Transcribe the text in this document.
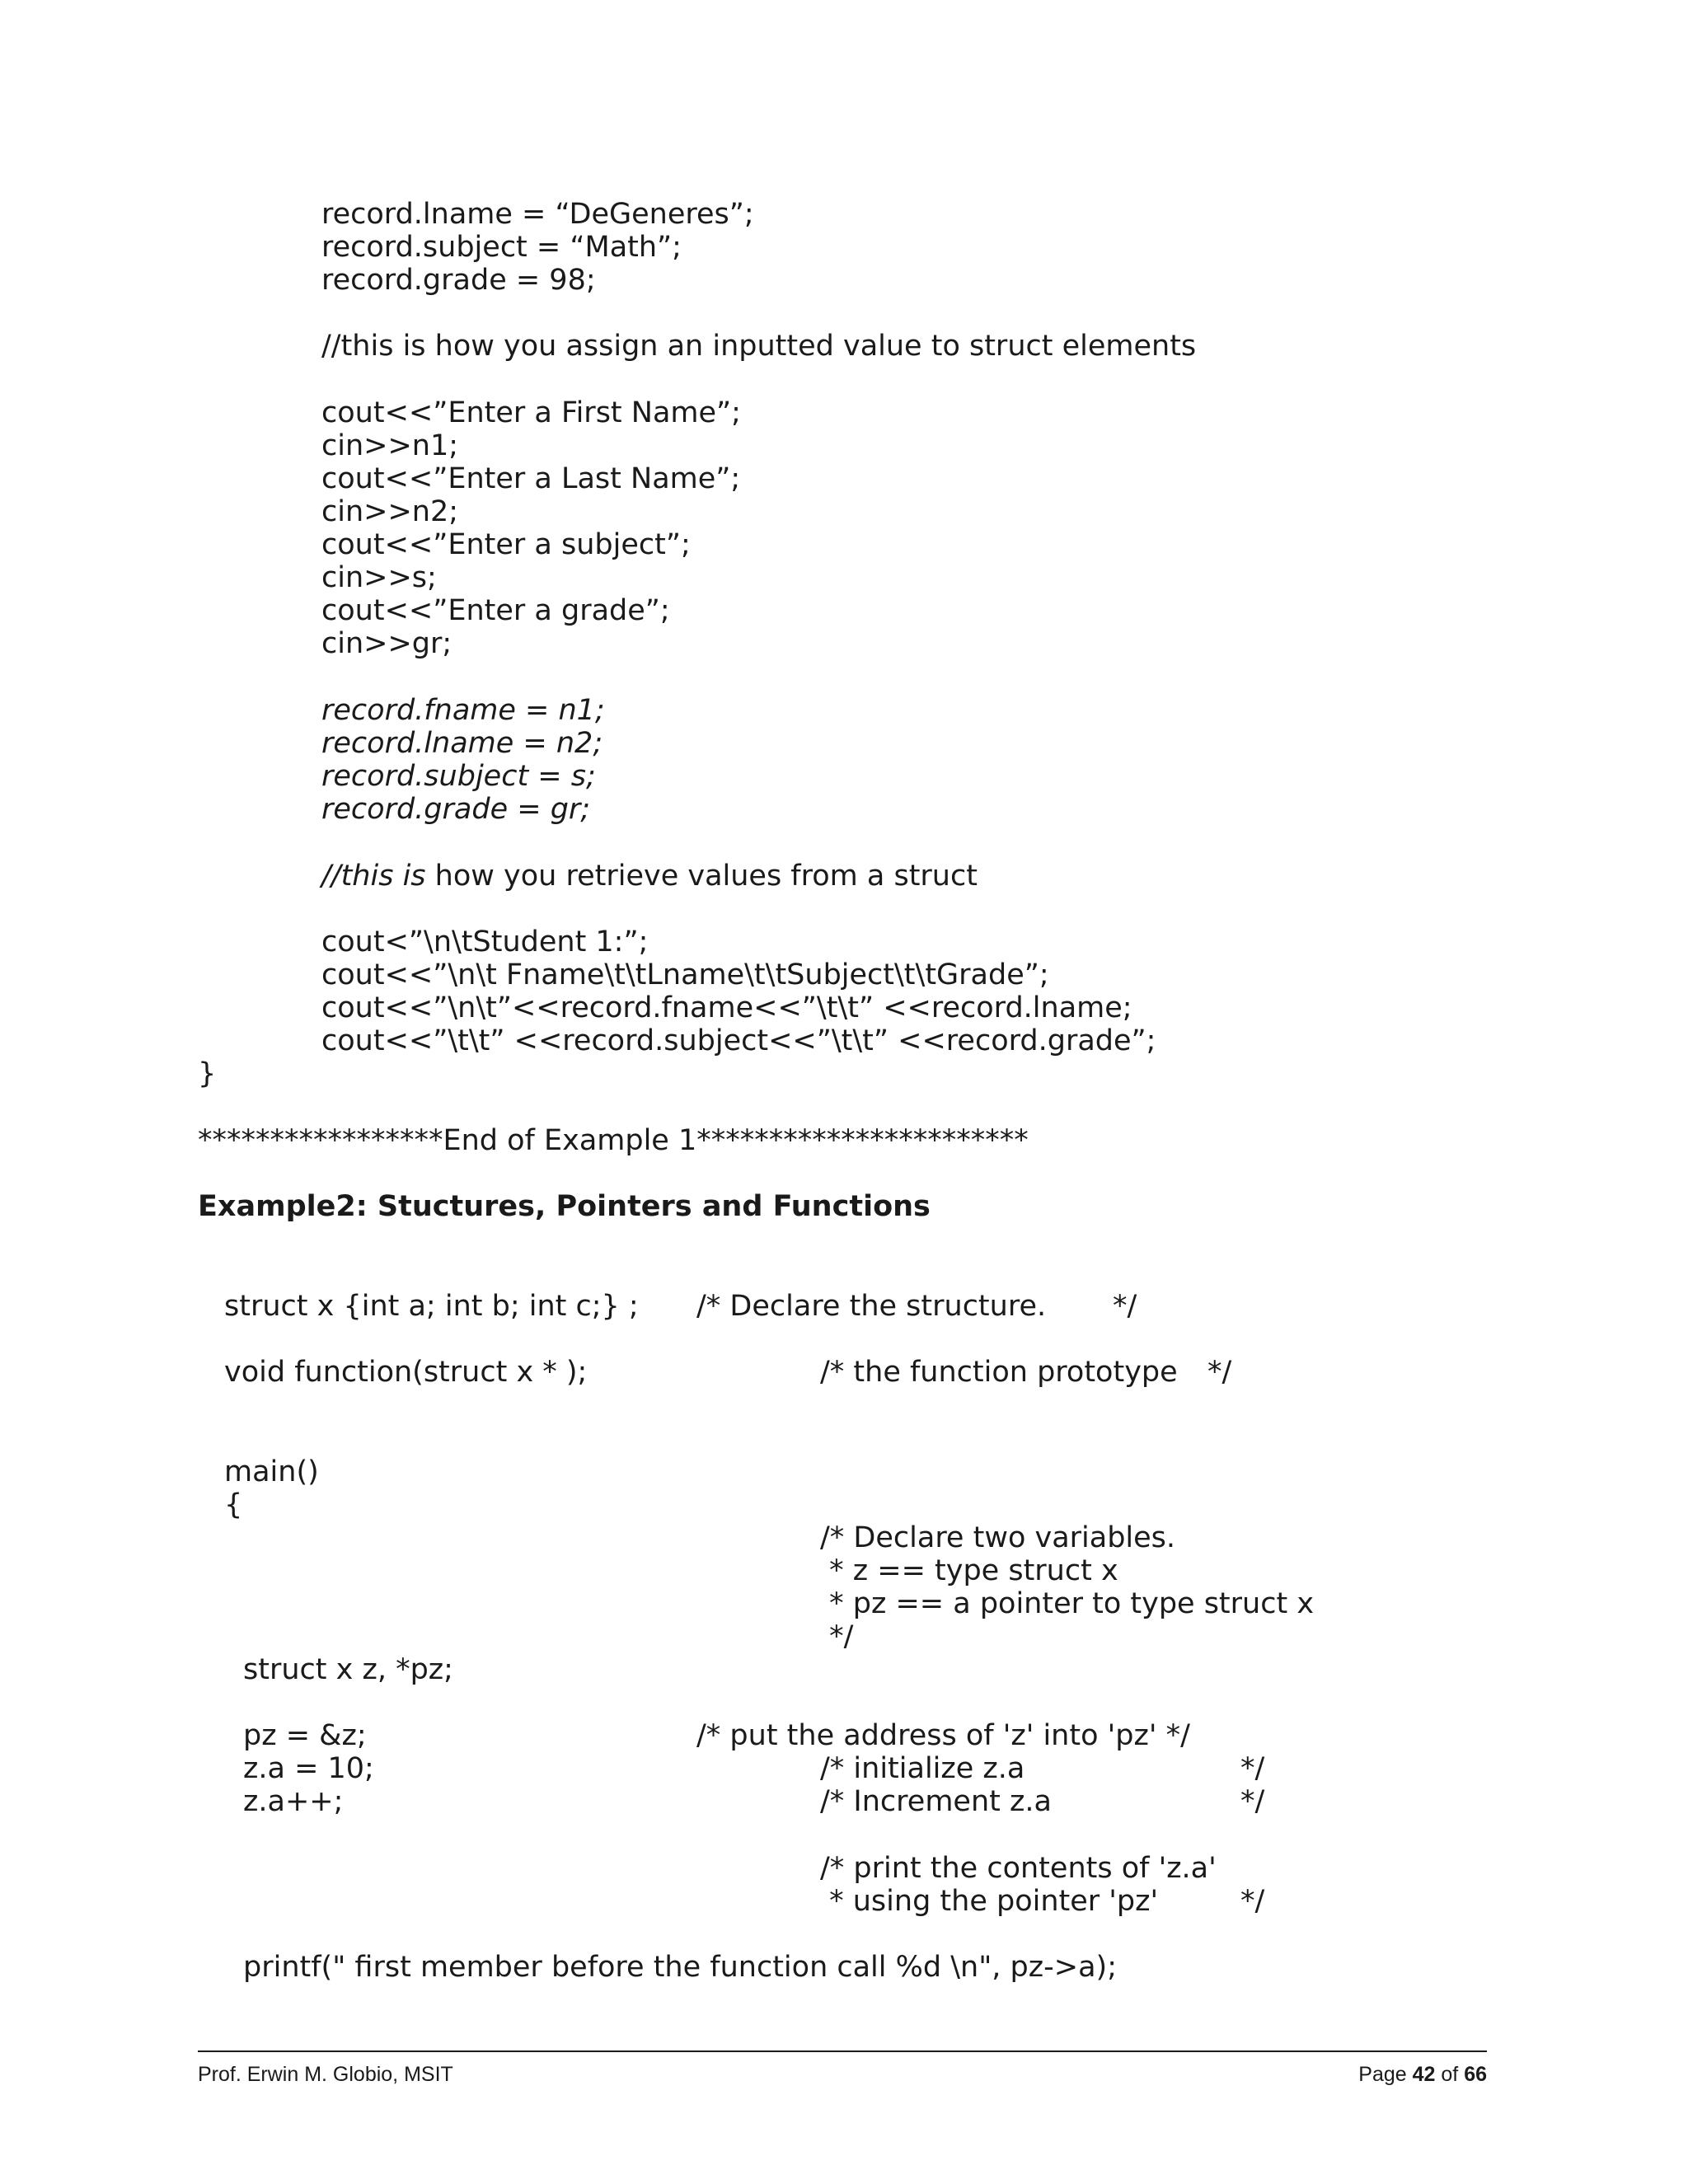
record.lname = “DeGeneres”;
record.subject = “Math”;
record.grade = 98;
//this is how you assign an inputted value to struct elements
cout<<”Enter a First Name”;
cin>>n1;
cout<<”Enter a Last Name”;
cin>>n2;
cout<<”Enter a subject”;
cin>>s;
cout<<”Enter a grade”;
cin>>gr;
record.fname = n1;
record.lname = n2;
record.subject = s;
record.grade = gr;
//this is how you retrieve values from a struct
cout<”\n\tStudent 1:”;
cout<<”\n\t Fname\t\tLname\t\tSubject\t\tGrade”;
cout<<”\n\t”<<record.fname<<”\t\t” <<record.lname;
cout<<”\t\t” <<record.subject<<”\t\t” <<record.grade”;
}
*****************End of Example 1***********************
Example2: Stuctures, Pointers and Functions
struct x {int a; int b; int c;} ; /* Declare the structure. */
void function(struct x * );	/* the function prototype */
main()
{
/* Declare two variables.
* z == type struct x
* pz == a pointer to type struct x
*/
struct x z, *pz;
pz = &z;	/* put the address of 'z' into 'pz' */
z.a = 10;	/* initialize z.a	*/
z.a++;	/* Increment z.a	*/
/* print the contents of 'z.a'
* using the pointer 'pz'	*/
printf(" first member before the function call %d \n", pz->a);
Prof. Erwin M. Globio, MSIT	Page 42 of 66
